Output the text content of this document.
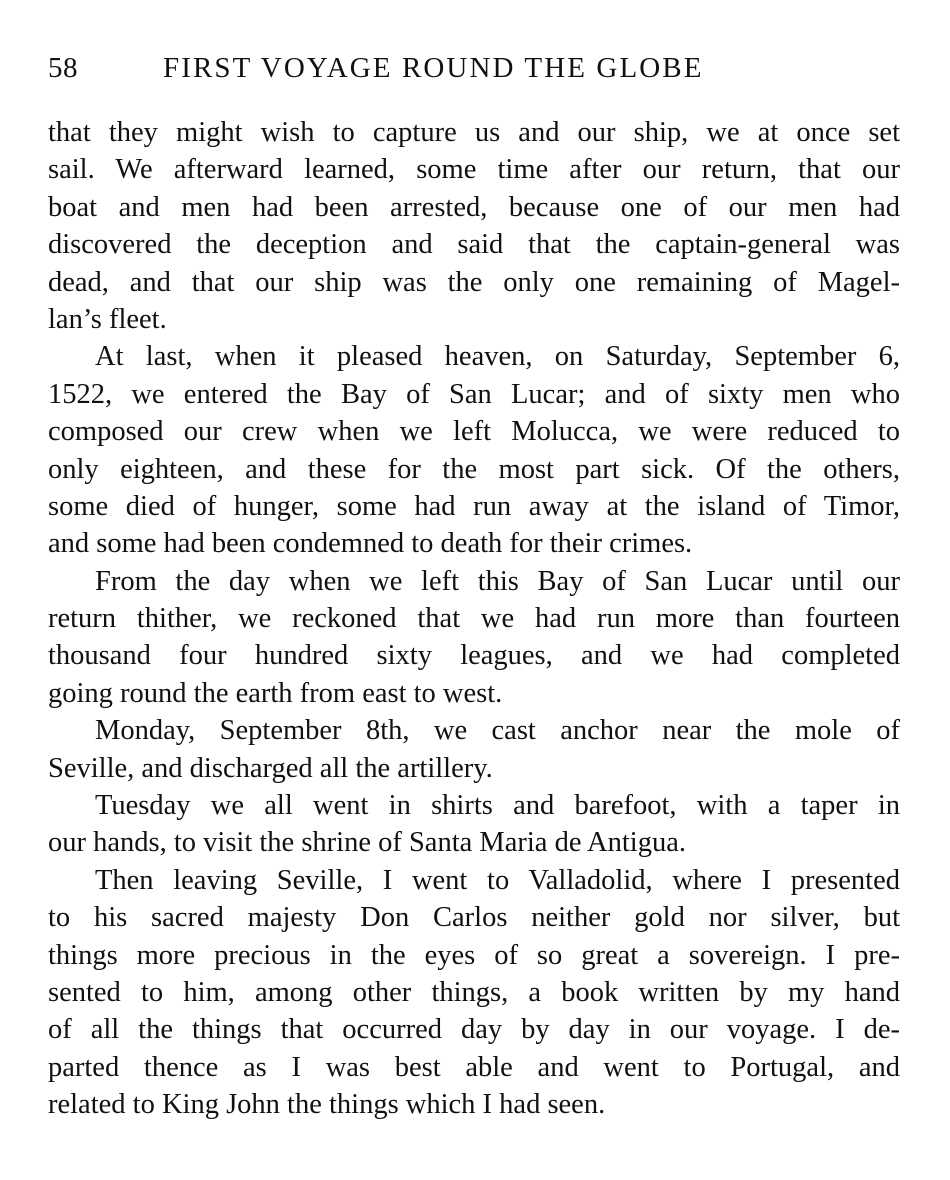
58	FIRST VOYAGE ROUND THE GLOBE
that they might wish to capture us and our ship, we at once set
sail. We afterward learned, some time after our return, that our
boat and men had been arrested, because one of our men had
discovered the deception and said that the captain-general was
dead, and that our ship was the only one remaining of Magel-
lan’s fleet.
At last, when it pleased heaven, on Saturday, September 6,
1522, we entered the Bay of San Lucar; and of sixty men who
composed our crew when we left Molucca, we were reduced to
only eighteen, and these for the most part sick. Of the others,
some died of hunger, some had run away at the island of Timor,
and some had been condemned to death for their crimes.
From the day when we left this Bay of San Lucar until our
return thither, we reckoned that we had run more than fourteen
thousand four hundred sixty leagues, and we had completed
going round the earth from east to west.
Monday, September 8th, we cast anchor near the mole of
Seville, and discharged all the artillery.
Tuesday we all went in shirts and barefoot, with a taper in
our hands, to visit the shrine of Santa Maria de Antigua.
Then leaving Seville, I went to Valladolid, where I presented
to his sacred majesty Don Carlos neither gold nor silver, but
things more precious in the eyes of so great a sovereign. I pre-
sented to him, among other things, a book written by my hand
of all the things that occurred day by day in our voyage. I de-
parted thence as I was best able and went to Portugal, and
related to King John the things which I had seen.
